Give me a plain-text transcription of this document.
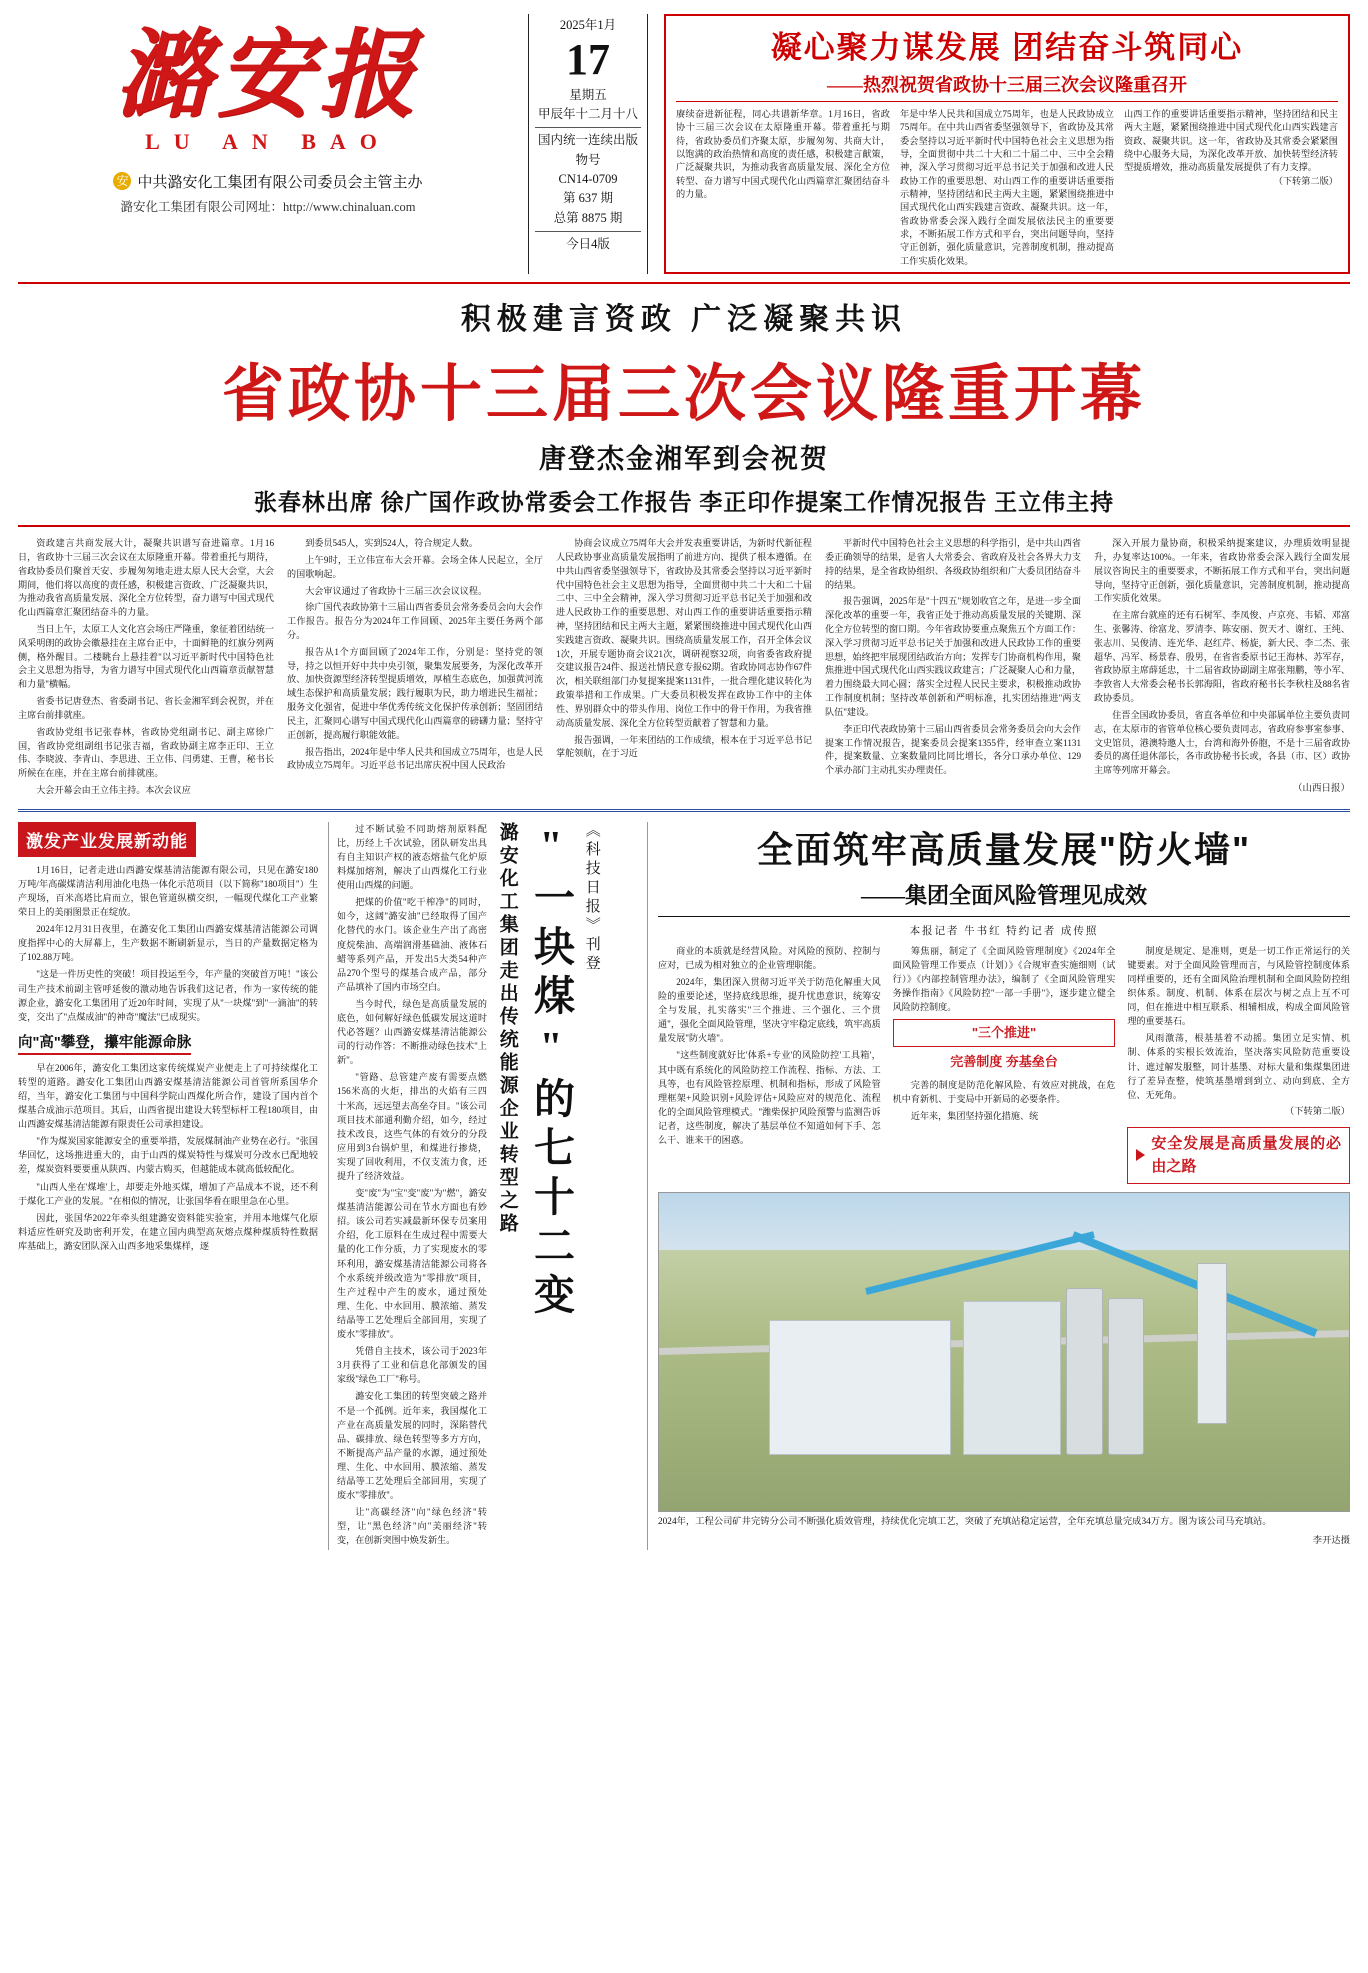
潞安报
LU AN BAO
安 中共潞安化工集团有限公司委员会主管主办
潞安化工集团有限公司网址：http://www.chinaluan.com
2025年1月
17
星期五
甲辰年十二月十八
国内统一连续出版物号
CN14-0709
第 637 期
总第 8875 期
今日4版
凝心聚力谋发展 团结奋斗筑同心
——热烈祝贺省政协十三届三次会议隆重召开
赓续奋进新征程，同心共谱新华章。1月16日，省政协十三届三次会议在太原隆重开幕。带着重托与期待，省政协委员们齐聚太原，步履匆匆、共商大计，以饱满的政治热情和高度的责任感，积极建言献策，广泛凝聚共识，为推动我省高质量发展、深化全方位转型、奋力谱写中国式现代化山西篇章汇聚团结奋斗的力量。
年是中华人民共和国成立75周年，也是人民政协成立75周年。在中共山西省委坚强领导下，省政协及其常委会坚持以习近平新时代中国特色社会主义思想为指导，全面贯彻中共二十大和二十届二中、三中全会精神，深入学习贯彻习近平总书记关于加强和改进人民政协工作的重要思想、对山西工作的重要讲话重要指示精神，坚持团结和民主两大主题，紧紧围绕推进中国式现代化山西实践建言资政、凝聚共识。这一年，省政协常委会深入践行全面发展依法民主的重要要求，不断拓展工作方式和平台，突出问题导向，坚持守正创新，强化质量意识，完善制度机制，推动提高工作实质化效果。
山西工作的重要讲话重要指示精神，坚持团结和民主两大主题，紧紧围绕推进中国式现代化山西实践建言资政、凝聚共识。这一年，省政协及其常委会紧紧围绕中心服务大局，为深化改革开放、加快转型经济转型提质增效，推动高质量发展提供了有力支撑。
（下转第二版）
积极建言资政 广泛凝聚共识
省政协十三届三次会议隆重开幕
唐登杰金湘军到会祝贺
张春林出席 徐广国作政协常委会工作报告 李正印作提案工作情况报告 王立伟主持

资政建言共商发展大计，凝聚共识谱写奋进篇章。1月16日，省政协十三届三次会议在太原隆重开幕。带着重托与期待，省政协委员们聚首天安、步履匆匆地走进太原人民大会堂，大会期间，他们将以高度的责任感，积极建言资政、广泛凝聚共识，为推动我省高质量发展、深化全方位转型，奋力谱写中国式现代化山西篇章汇聚团结奋斗的力量。

当日上午，太原工人文化宫会场庄严隆重，象征着团结统一风采明朗的政协会徽悬挂在主席台正中，十面鲜艳的红旗分列两侧，格外醒目。二楼眺台上悬挂着"以习近平新时代中国特色社会主义思想为指导，为省力谱写中国式现代化山西篇章贡献智慧和力量"横幅。

省委书记唐登杰、省委副书记、省长金湘军到会祝贺，并在主席台前排就座。

省政协党组书记张春林，省政协党组副书记、副主席徐广国，省政协党组副组书记张吉福，省政协副主席李正印、王立伟、李晓波、李青山、李思进、王立伟、闫勇建、王曹，秘书长所候在在座，并在主席台前排就座。

大会开幕会由王立伟主持。本次会议应

到委员545人，实到524人，符合规定人数。

上午9时，王立伟宣布大会开幕。会场全体人民起立，全厅的国歌响起。

大会审议通过了省政协十三届三次会议议程。

徐广国代表政协第十三届山西省委员会常务委员会向大会作工作报告。报告分为2024年工作回顾、2025年主要任务两个部分。

报告从1个方面回顾了2024年工作，分别是：坚持党的领导，持之以恒开好中共中央引领，聚集发展要务，为深化改革开放、加快资源型经济转型提质增效，厚植生态底色，加强黄河流域生态保护和高质量发展；践行履职为民，助力增进民生福祉；服务文化强省，促进中华优秀传统文化保护传承创新；坚固团结民主，汇聚同心谱写中国式现代化山西篇章的磅礴力量；坚持守正创新，提高履行职能效能。

报告指出，2024年是中华人民共和国成立75周年，也是人民政协成立75周年。习近平总书记出席庆祝中国人民政治

协商会议成立75周年大会并发表重要讲话，为新时代新征程人民政协事业高质量发展指明了前进方向、提供了根本遵循。在中共山西省委坚强领导下，省政协及其常委会坚持以习近平新时代中国特色社会主义思想为指导，全面贯彻中共二十大和二十届二中、三中全会精神，深入学习贯彻习近平总书记关于加强和改进人民政协工作的重要思想、对山西工作的重要讲话重要指示精神，坚持团结和民主两大主题，紧紧围绕推进中国式现代化山西实践建言资政、凝聚共识。围绕高质量发展工作，召开全体会议1次，开展专题协商会议21次，调研视察32项，向省委省政府提交建议报告24件、报送社情民意专报62期。省政协同志协作67件次，相关联组部门办复提案提案1131件，一批合理化建议转化为政策举措和工作成果。广大委员积极发挥在政协工作中的主体性、界别群众中的带头作用、岗位工作中的骨干作用，为我省推动高质量发展、深化全方位转型贡献着了智慧和力量。

报告强调，一年来团结的工作成绩，根本在于习近平总书记掌舵领航，在于习近

平新时代中国特色社会主义思想的科学指引，是中共山西省委正确领导的结果，是省人大常委会、省政府及社会各界大力支持的结果，是全省政协组织、各级政协组织和广大委员团结奋斗的结果。

报告强调，2025年是"十四五"规划收官之年，是进一步全面深化改革的重要一年，我省正处于推动高质量发展的关键期、深化全方位转型的窗口期。今年省政协要重点聚焦五个方面工作：深入学习贯彻习近平总书记关于加强和改进人民政协工作的重要思想，始终把牢展现团结政治方向；发挥专门协商机构作用，聚焦推进中国式现代化山西实践议政建言；广泛凝聚人心和力量，着力围绕最大同心圆；落实全过程人民民主要求，积极推动政协工作制度机制；坚持改革创新和严明标准，扎实团结推进"两支队伍"建设。

李正印代表政协第十三届山西省委员会常务委员会向大会作提案工作情况报告，提案委员会提案1355件，经审查立案1131件，提案数量、立案数量同比同比增长，各分口承办单位、129个承办部门主动扎实办理责任。

深入开展力量协商，积极采纳提案建议，办理质效明显提升，办复率达100%。一年来，省政协常委会深入践行全面发展展议咨询民主的重要要求，不断拓展工作方式和平台，突出问题导向，坚持守正创新，强化质量意识，完善制度机制，推动提高工作实质化效果。

在主席台就座的还有石树军、李凤俊、卢京亮、韦韬、邓富生、张馨涛、徐富龙、罗清李、陈安丽、贺天才、谢红、王纯、张志川、吴俊清、连光华、赵红芹、杨旋，新大民、李二杰、张超华、冯军、杨景春、殷男，在省省委原书记王海林、苏军存，省政协原主席薛延忠，十二届省政协副副主席张翔鹏，等小军、李敦省人大常委会秘书长郭海阳，省政府秘书长李秋柱及88名省政协委员。

住晋全国政协委员，省直各单位和中央部属单位主要负责同志，在太原市的省管单位核心要负责同志，省政府参事室参事、文史馆员，港澳特邀人士，台湾和海外侨胞，不是十三届省政协委员的离任退休部长，各市政协秘书长或，各县（市、区）政协主席等列席开幕会。

（山西日报）
激发产业发展新动能

1月16日，记者走进山西潞安煤基清洁能源有限公司，只见在潞安180万吨/年高碳煤清洁利用油化电热一体化示范项目（以下简称"180项目"）生产现场，百米高塔比肩而立，银色管道纵横交织，一幅现代煤化工产业繁荣日上的美丽图景正在绽放。

2024年12月31日夜里，在潞安化工集团山西潞安煤基清洁能源公司调度指挥中心的大屏幕上，生产数据不断刷新显示，当日的产量数据定格为了102.88万吨。

"这是一件历史性的突破！项目投运至今，年产量的突破首万吨！"该公司生产技术前副主管呼延俊的激动地告诉我们这记者，作为一家传统的能源企业，潞安化工集团用了近20年时间，实现了从"一块煤"到"一滴油"的转变，交出了"点煤成油"的神奇"魔法"已成现实。

向"高"攀登，攥牢能源命脉

早在2006年，潞安化工集团这家传统煤炭产业便走上了可持续煤化工转型的道路。潞安化工集团山西潞安煤基清洁能源公司首管所系国华介绍，当年，潞安化工集团与中国科学院山西煤化所合作，建设了国内首个煤基合成油示范项目。其后，山西省提出建设大转型标杆工程180项目，由山西潞安煤基清洁能源有限责任公司承担建设。

"作为煤炭国家能源安全的重要举措，发展煤制油产业势在必行。"张国华回忆，这场推进重大的，由于山西的煤炭特性与煤炭可分改水已配地较差，煤炭资料要要重从陕西、内蒙古购买，但越能成本就高低较配化。

"山西人坐在'煤堆'上，却要走外地买煤，增加了产品成本不说，还不利于煤化工产业的发展。"在相似的情况，让张国华看在眼里急在心里。

因此，张国华2022年牵头组建潞安资料能实验室，并用本地煤气化原料适应性研究及助密利开发，在建立国内典型高灰熔点煤种煤质特性数据库基础上，潞安团队深入山西多地采集煤样，逐

过不断试验不同助熔剂原料配比，历经上千次试验，团队研发出具有自主知识产权的液态熔盐气化炉原料煤加熔剂，解决了山西煤化工行业使用山西煤的问题。

把煤的价值"吃干榨净"的同时，如今，这阔"潞安油"已经取得了国产化替代的水门。该企业生产出了高密度烷柴油、高端润滑基础油、液体石蜡等系列产品，开发出5大类54种产品270个型号的煤基合成产品，部分产品填补了国内市场空白。

当今时代，绿色是高质量发展的底色，如何解好绿色低碳发展这道时代必答题？山西潞安煤基清洁能源公司的行动作答：不断推动绿色技术"上新"。

"管路、总管建产废有需要点燃156米高的火炬，排出的火焰有三四十米高，远远望去高垒夺目。"该公司项目技术部通利勤介绍，如今，经过技术改良，这些气体的有效分的分段应用到3台锅炉里，和煤进行掺烧，实现了回收利用，不仅支流力食，还提升了经济效益。

变"废"为"宝"变"废"为"燃"，潞安煤基清洁能源公司在节水方面也有妙招。该公司若实减最新环保专员案用介绍，化工原料在生成过程中需要大量的化工作分质，力了实现废水的零环利用，潞安煤基清洁能源公司将各个水系统并级改造为"零排放"项目，生产过程中产生的废水，通过预处理、生化、中水回用、膜浓缩、蒸发结晶等工艺处理后全部回用，实现了废水"零排放"。

凭借自主技术，该公司于2023年3月获得了工业和信息化部颁发的国家级"绿色工厂"称号。

潞安化工集团的转型突破之路并不是一个孤例。近年来，我国煤化工产业在高质量发展的同时，深陷替代品、碳排放、绿色转型等多方方向，不断提高产品产量的水源，通过预处理、生化、中水回用、膜浓缩、蒸发结晶等工艺处理后全部回用，实现了废水"零排放"。

让"高碳经济"向"绿色经济"转型，让"黑色经济"向"美丽经济"转变，在创新突围中焕发新生。

《科技日报》刊登
"一块煤"的七十二变
潞安化工集团走出传统能源企业转型之路	全面筑牢高质量发展"防火墙"
——集团全面风险管理见成效
本报记者 牛书红 特约记者 成传照

商业的本质就是经营风险。对风险的预防、控制与应对，已成为相对独立的企业管理职能。

2024年，集团深入贯彻习近平关于防范化解重大风险的重要论述，坚持底线思维，提升忧患意识，统筹安全与发展，扎实落实"三个推进、三个强化、三个贯通"，强化全面风险管理，坚决守牢稳定底线，筑牢高质量发展"防火墙"。

"这些制度就好比'体系+专业'的风险防控'工具箱'，其中既有系统化的风险防控工作流程、指标、方法、工具等，也有风险管控原理、机制和指标，形成了风险管理框架+风险识别+风险评估+风险应对的规范化、流程化的全面风险管理模式。"潍柴保护风险预警与监测告诉记者，这些制度，解决了基层单位不知道如何下手、怎么干、谁来干的困惑。

筹焦丽，制定了《全面风险管理制度》《2024年全面风险管理工作要点（计划）》《合规审查实施细则（试行）》《内部控制管理办法》，编制了《全面风险管理实务操作指南》《风险防控"一部一手册"》，逐步建立健全风险防控制度。

"三个推进"
完善制度 夯基垒台

完善的制度是防范化解风险、有效应对挑战，在危机中育新机、于变局中开新局的必要条件。

近年来，集团坚持强化措施、统

制度是规定、是准则，更是一切工作正常运行的关键要素。对于全面风险管理而言，与风险管控制度体系同样重要的，还有全面风险治理机制和全面风险防控组织体系。制度、机制、体系在层次与树之点上互不可同，但在推进中相互联系、相辅相成，构成全面风险管理的重要基石。

风雨激荡，根基基着不动摇。集团立足实情、机制、体系的实根长效流治，坚决落实风险防范重要设计、遮过解发服整，同计基墨、对标大量和集煤集团进行了差异查整，使筑基墨增到到立、动向到底、全方位、无死角。

（下转第二版）
安全发展是高质量发展的必由之路
2024年，工程公司矿井完铸分公司不断强化质效管理，持续优化完填工艺，突破了充填站稳定运营，全年充填总量完成34万方。图为该公司马充填站。
李开达摄
